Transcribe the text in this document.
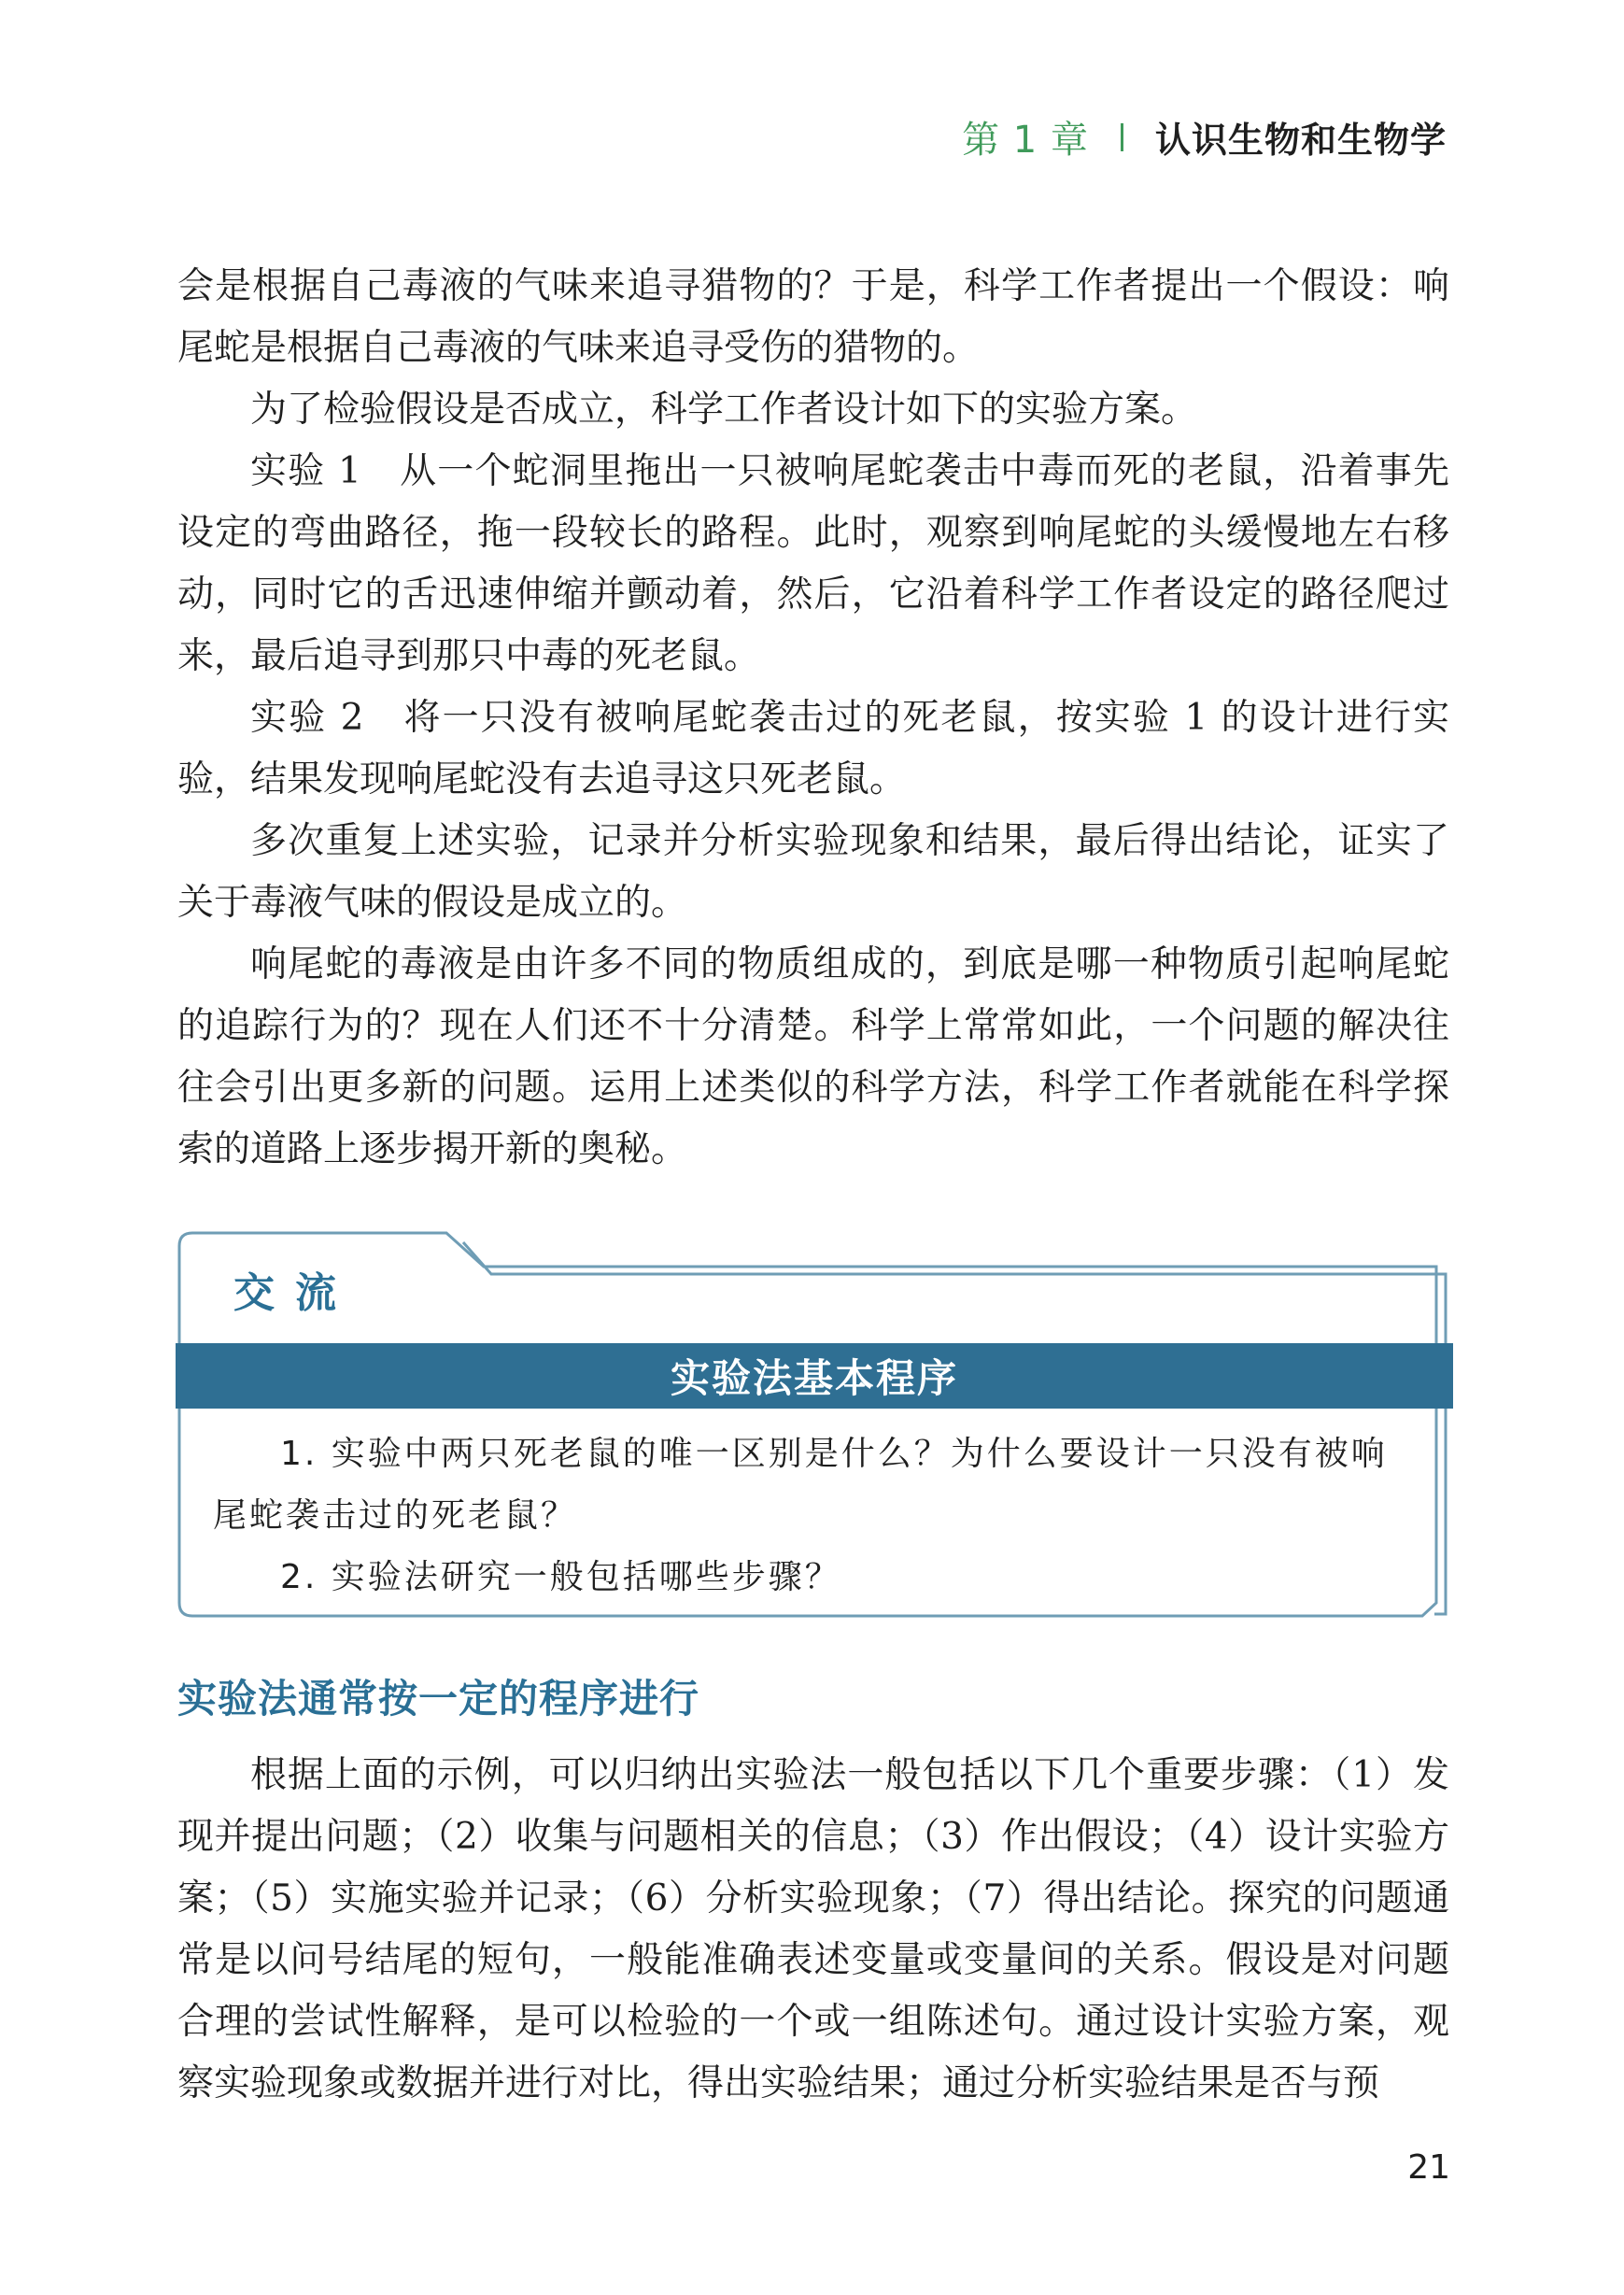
第 1 章 认识生物和生物学

会是根据自己毒液的气味来追寻猎物的？于是，科学工作者提出一个假设：响尾蛇是根据自己毒液的气味来追寻受伤的猎物的。

为了检验假设是否成立，科学工作者设计如下的实验方案。

实验 1　从一个蛇洞里拖出一只被响尾蛇袭击中毒而死的老鼠，沿着事先设定的弯曲路径，拖一段较长的路程。此时，观察到响尾蛇的头缓慢地左右移动，同时它的舌迅速伸缩并颤动着，然后，它沿着科学工作者设定的路径爬过来，最后追寻到那只中毒的死老鼠。

实验 2　将一只没有被响尾蛇袭击过的死老鼠，按实验 1 的设计进行实验，结果发现响尾蛇没有去追寻这只死老鼠。

多次重复上述实验，记录并分析实验现象和结果，最后得出结论，证实了关于毒液气味的假设是成立的。

响尾蛇的毒液是由许多不同的物质组成的，到底是哪一种物质引起响尾蛇的追踪行为的？现在人们还不十分清楚。科学上常常如此，一个问题的解决往往会引出更多新的问题。运用上述类似的科学方法，科学工作者就能在科学探索的道路上逐步揭开新的奥秘。

交流
实验法基本程序

1. 实验中两只死老鼠的唯一区别是什么？为什么要设计一只没有被响尾蛇袭击过的死老鼠？

2. 实验法研究一般包括哪些步骤？

实验法通常按一定的程序进行

根据上面的示例，可以归纳出实验法一般包括以下几个重要步骤：（1）发现并提出问题；（2）收集与问题相关的信息；（3）作出假设；（4）设计实验方案；（5）实施实验并记录；（6）分析实验现象；（7）得出结论。探究的问题通常是以问号结尾的短句，一般能准确表述变量或变量间的关系。假设是对问题合理的尝试性解释，是可以检验的一个或一组陈述句。通过设计实验方案，观察实验现象或数据并进行对比，得出实验结果；通过分析实验结果是否与预

21
